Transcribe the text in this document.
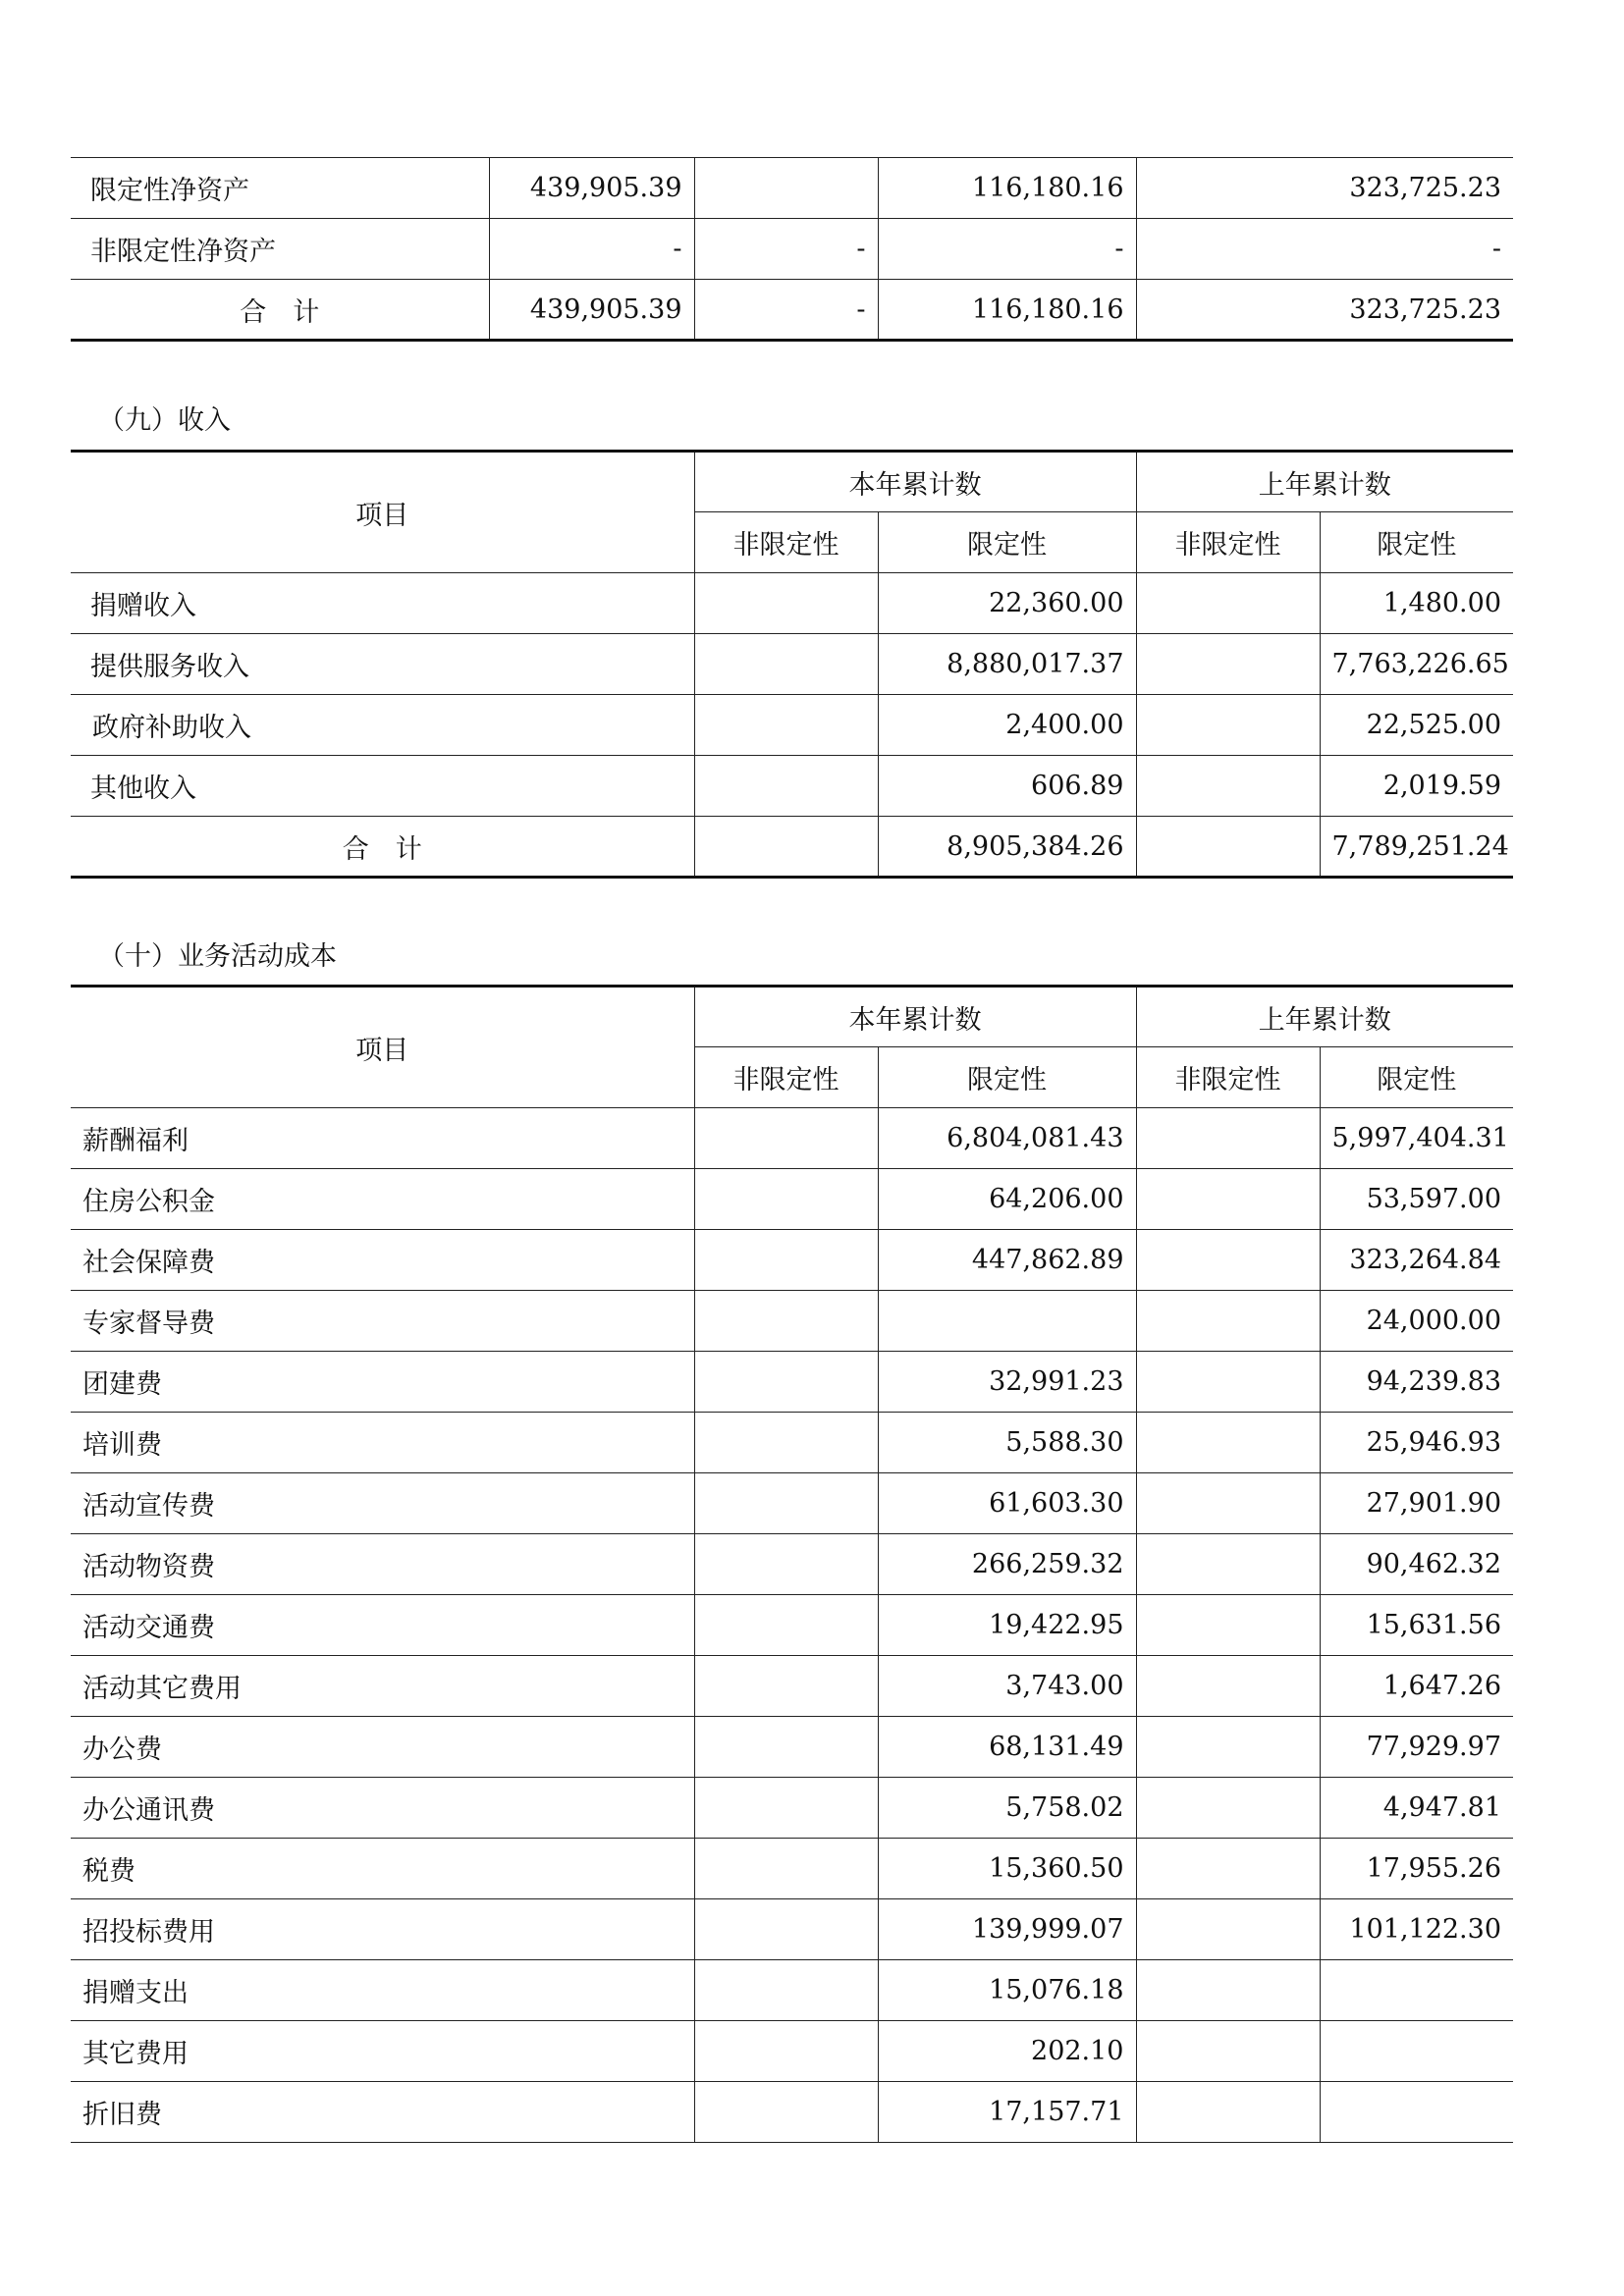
限定性净资产	439,905.39		116,180.16	323,725.23
非限定性净资产	-	-	-	-
合　计	439,905.39	-	116,180.16	323,725.23
（九）收入
项目	本年累计数		上年累计数	
	非限定性	限定性	非限定性	限定性
捐赠收入		22,360.00		1,480.00
提供服务收入		8,880,017.37		7,763,226.65
政府补助收入		2,400.00		22,525.00
其他收入		606.89		2,019.59
合　计		8,905,384.26		7,789,251.24
（十）业务活动成本
项目	本年累计数		上年累计数	
	非限定性	限定性	非限定性	限定性
薪酬福利		6,804,081.43		5,997,404.31
住房公积金		64,206.00		53,597.00
社会保障费		447,862.89		323,264.84
专家督导费				24,000.00
团建费		32,991.23		94,239.83
培训费		5,588.30		25,946.93
活动宣传费		61,603.30		27,901.90
活动物资费		266,259.32		90,462.32
活动交通费		19,422.95		15,631.56
活动其它费用		3,743.00		1,647.26
办公费		68,131.49		77,929.97
办公通讯费		5,758.02		4,947.81
税费		15,360.50		17,955.26
招投标费用		139,999.07		101,122.30
捐赠支出		15,076.18		
其它费用		202.10		
折旧费		17,157.71		
